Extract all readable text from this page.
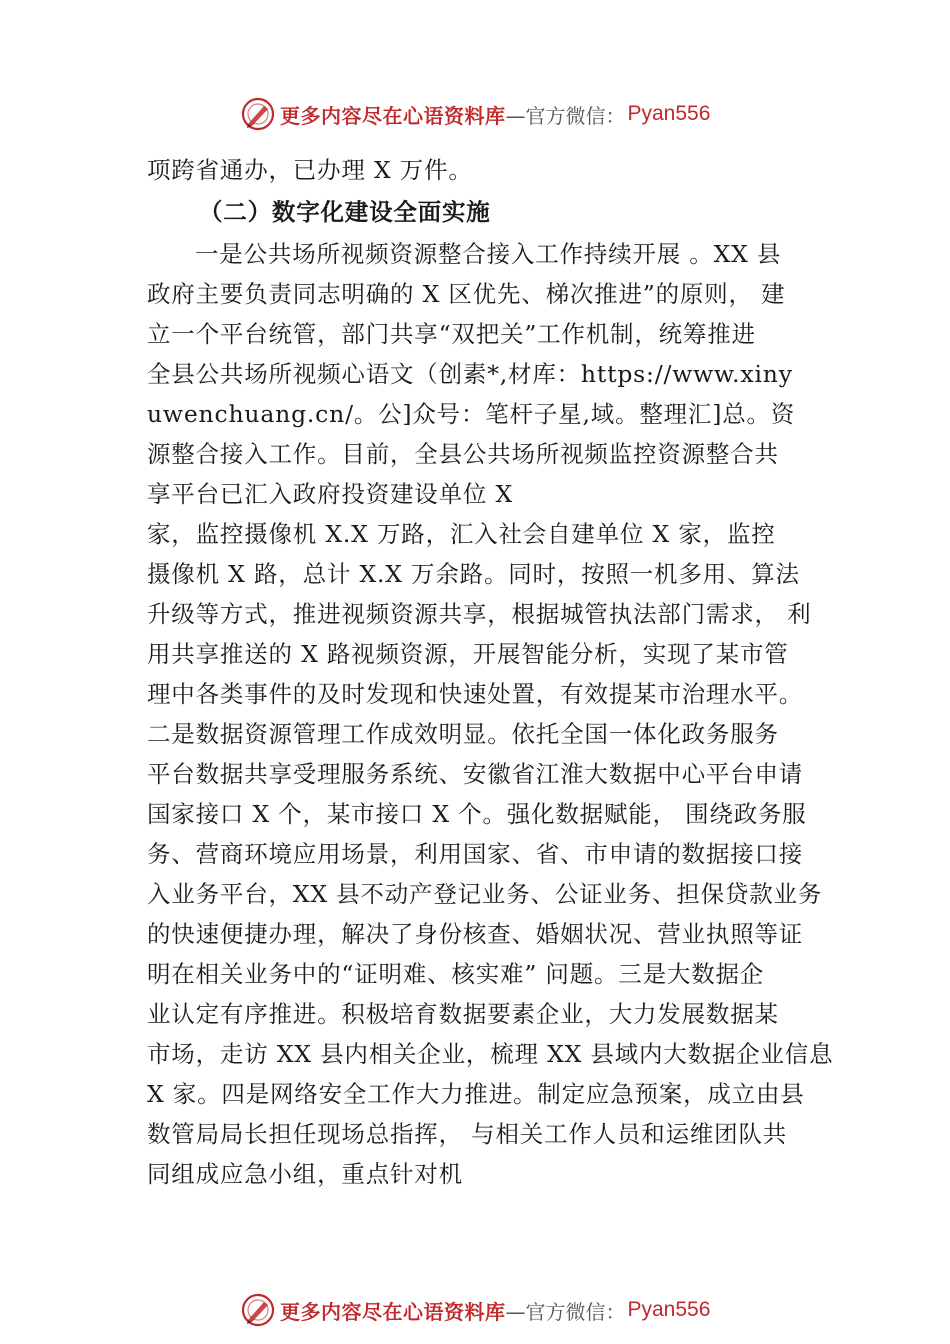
更多内容尽在心语资料库 —官方微信： Pyan556

项跨省通办，已办理 X 万件。

（二）数字化建设全面实施

一是公共场所视频资源整合接入工作持续开展 。XX 县

政府主要负责同志明确的 X 区优先、梯次推进”的原则， 建

立一个平台统管，部门共享“双把关”工作机制，统筹推进

全县公共场所视频心语文（创素*,材库：https://www.xiny

uwenchuang.cn/。公]众号：笔杆子星,域。整理汇]总。资

源整合接入工作。目前，全县公共场所视频监控资源整合共

享平台已汇入政府投资建设单位 X

家，监控摄像机 X.X 万路，汇入社会自建单位 X 家，监控

摄像机 X 路，总计 X.X 万余路。同时，按照一机多用、算法

升级等方式，推进视频资源共享，根据城管执法部门需求， 利

用共享推送的 X 路视频资源，开展智能分析，实现了某市管

理中各类事件的及时发现和快速处置，有效提某市治理水平。

二是数据资源管理工作成效明显。依托全国一体化政务服务

平台数据共享受理服务系统、安徽省江淮大数据中心平台申请

国家接口 X 个，某市接口 X 个。强化数据赋能， 围绕政务服

务、营商环境应用场景，利用国家、省、市申请的数据接口接

入业务平台，XX 县不动产登记业务、公证业务、担保贷款业务

的快速便捷办理，解决了身份核查、婚姻状况、营业执照等证

明在相关业务中的“证明难、核实难” 问题。三是大数据企

业认定有序推进。积极培育数据要素企业，大力发展数据某

市场，走访 XX 县内相关企业，梳理 XX 县域内大数据企业信息

X 家。四是网络安全工作大力推进。制定应急预案，成立由县

数管局局长担任现场总指挥， 与相关工作人员和运维团队共

同组成应急小组，重点针对机

更多内容尽在心语资料库 —官方微信： Pyan556
